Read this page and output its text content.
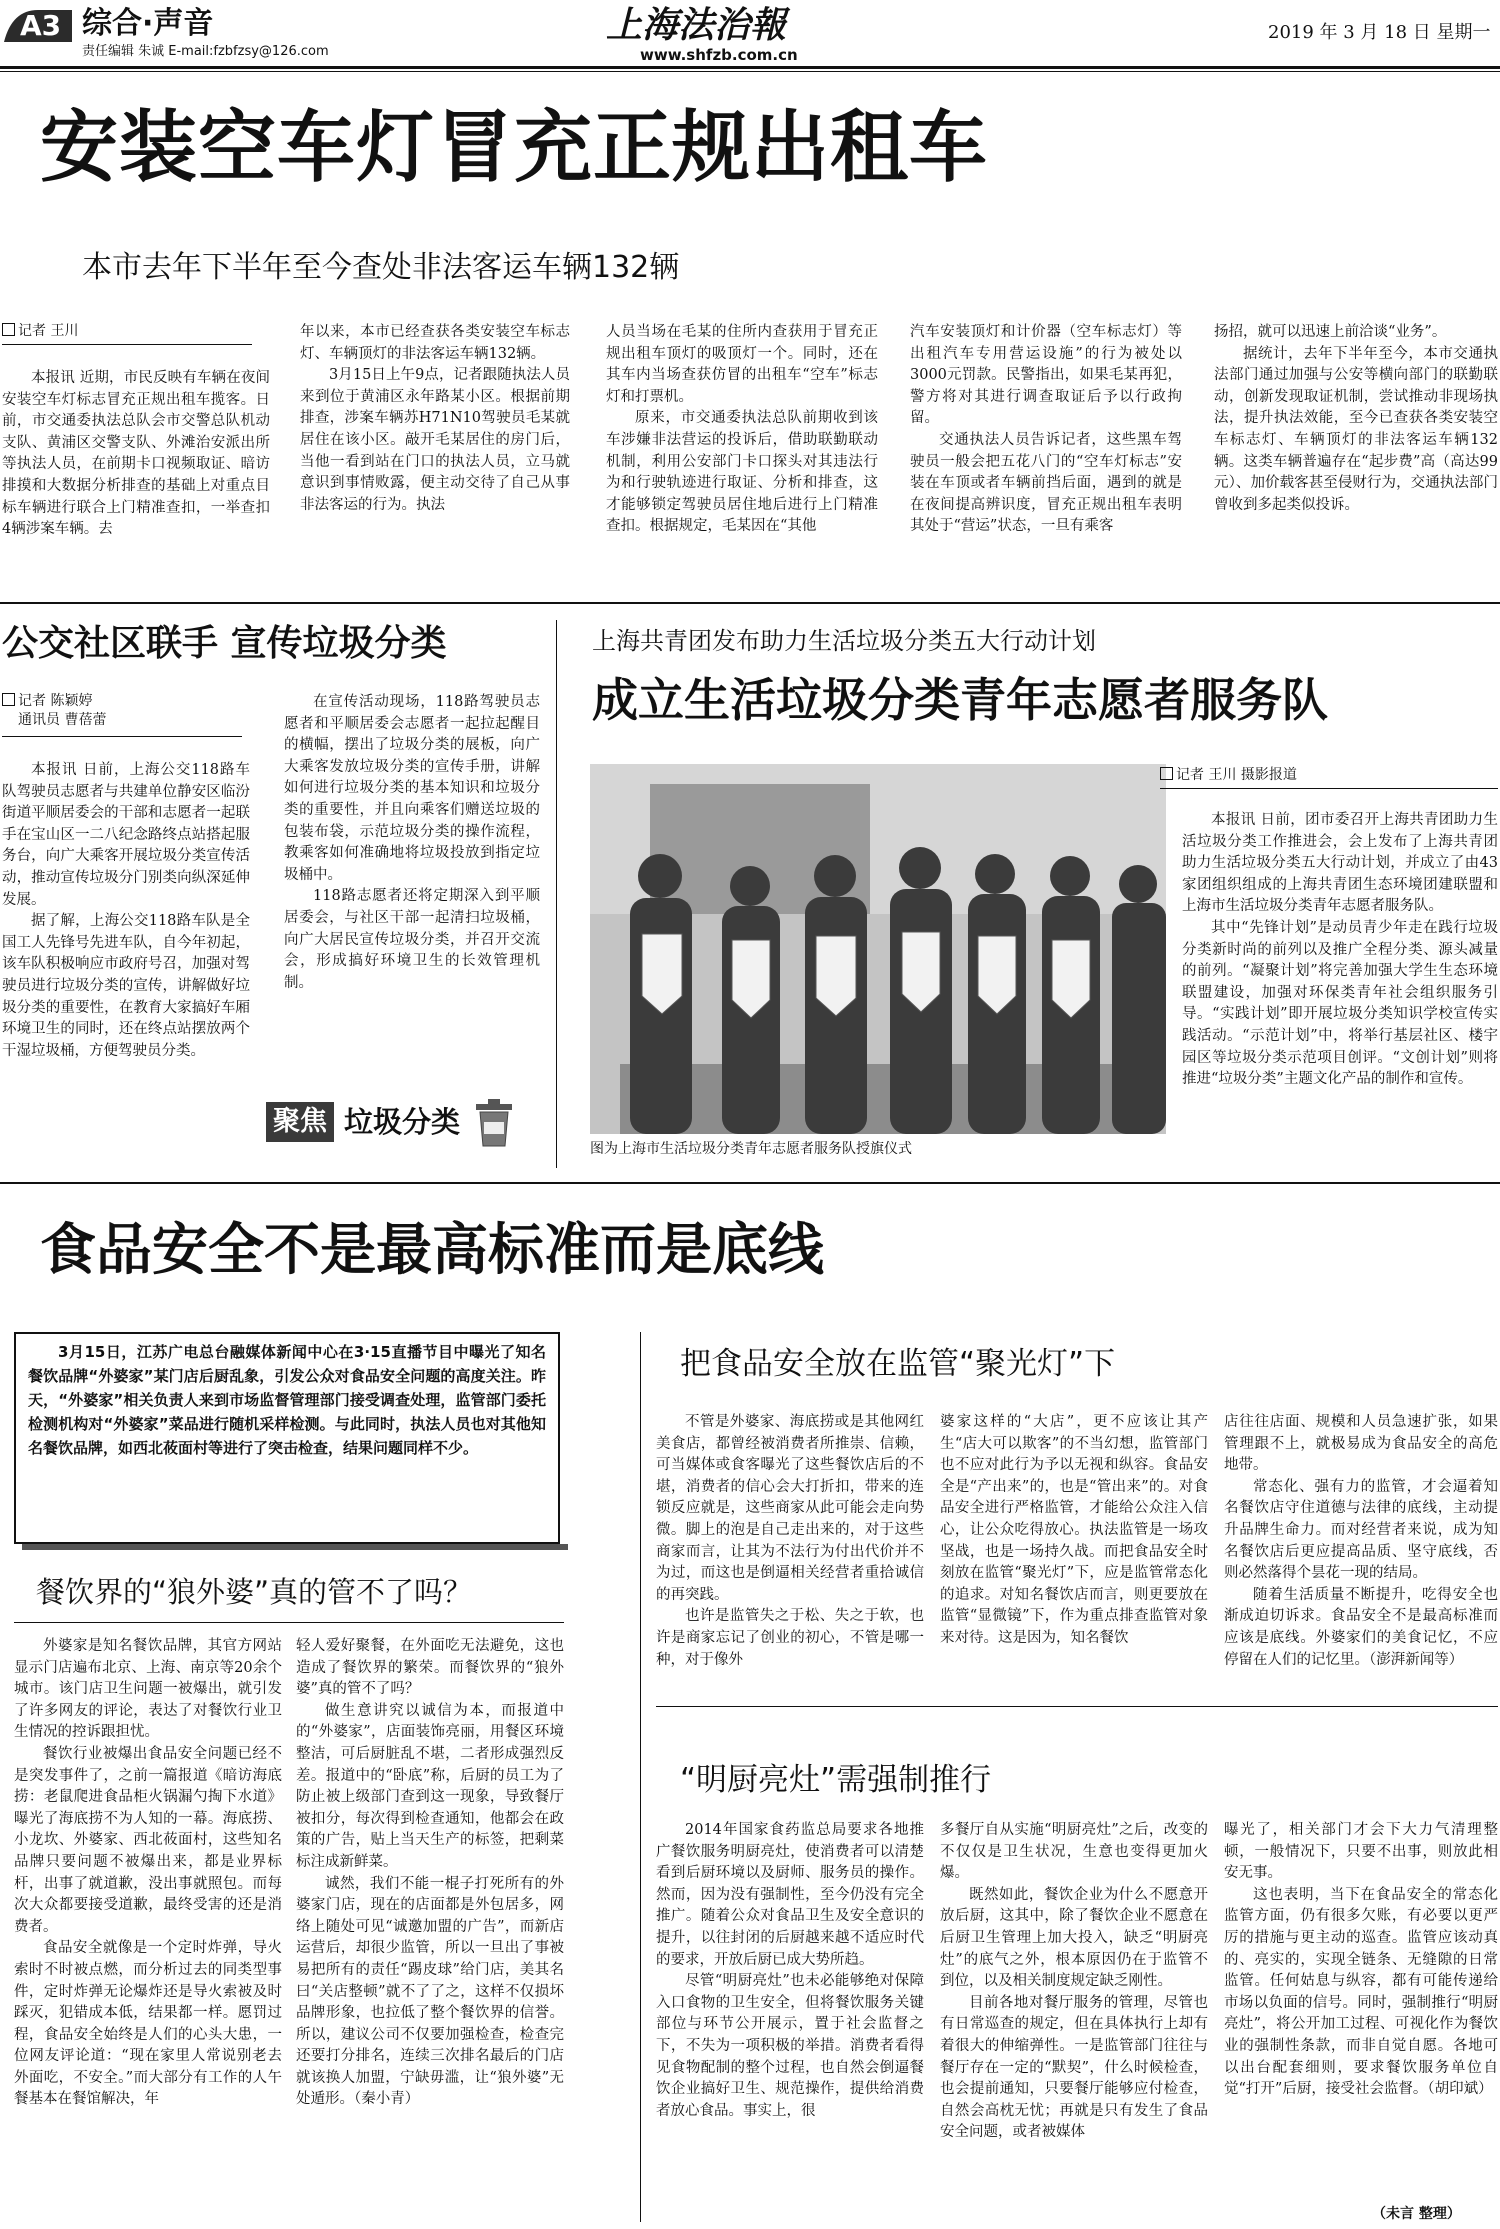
A3 综合·声音
责任编辑 朱诚 E-mail:fzbfzsy@126.com
上海法治報
www.shfzb.com.cn
2019 年 3 月 18 日 星期一
安装空车灯冒充正规出租车
本市去年下半年至今查处非法客运车辆132辆
记者 王川

本报讯 近期，市民反映有车辆在夜间安装空车灯标志冒充正规出租车揽客。日前，市交通委执法总队会市交警总队机动支队、黄浦区交警支队、外滩治安派出所等执法人员，在前期卡口视频取证、暗访排摸和大数据分析排查的基础上对重点目标车辆进行联合上门精准查扣，一举查扣4辆涉案车辆。去

年以来，本市已经查获各类安装空车标志灯、车辆顶灯的非法客运车辆132辆。

3月15日上午9点，记者跟随执法人员来到位于黄浦区永年路某小区。根据前期排查，涉案车辆苏H71N10驾驶员毛某就居住在该小区。敲开毛某居住的房门后，当他一看到站在门口的执法人员，立马就意识到事情败露，便主动交待了自己从事非法客运的行为。执法

人员当场在毛某的住所内查获用于冒充正规出租车顶灯的吸顶灯一个。同时，还在其车内当场查获仿冒的出租车“空车”标志灯和打票机。

原来，市交通委执法总队前期收到该车涉嫌非法营运的投诉后，借助联勤联动机制，利用公安部门卡口探头对其违法行为和行驶轨迹进行取证、分析和排查，这才能够锁定驾驶员居住地后进行上门精准查扣。根据规定，毛某因在“其他

汽车安装顶灯和计价器（空车标志灯）等出租汽车专用营运设施”的行为被处以3000元罚款。民警指出，如果毛某再犯，警方将对其进行调查取证后予以行政拘留。

交通执法人员告诉记者，这些黑车驾驶员一般会把五花八门的“空车灯标志”安装在车顶或者车辆前挡后面，遇到的就是在夜间提高辨识度，冒充正规出租车表明其处于“营运”状态，一旦有乘客

扬招，就可以迅速上前洽谈“业务”。

据统计，去年下半年至今，本市交通执法部门通过加强与公安等横向部门的联勤联动，创新发现取证机制，尝试推动非现场执法，提升执法效能，至今已查获各类安装空车标志灯、车辆顶灯的非法客运车辆132辆。这类车辆普遍存在“起步费”高（高达99元）、加价载客甚至侵财行为，交通执法部门曾收到多起类似投诉。

公交社区联手 宣传垃圾分类
记者 陈颖婷
通讯员 曹蓓蕾

本报讯 日前，上海公交118路车队驾驶员志愿者与共建单位静安区临汾街道平顺居委会的干部和志愿者一起联手在宝山区一二八纪念路终点站搭起服务台，向广大乘客开展垃圾分类宣传活动，推动宣传垃圾分门别类向纵深延伸发展。

据了解，上海公交118路车队是全国工人先锋号先进车队，自今年初起，该车队积极响应市政府号召，加强对驾驶员进行垃圾分类的宣传，讲解做好垃圾分类的重要性，在教育大家搞好车厢环境卫生的同时，还在终点站摆放两个干湿垃圾桶，方便驾驶员分类。

在宣传活动现场，118路驾驶员志愿者和平顺居委会志愿者一起拉起醒目的横幅，摆出了垃圾分类的展板，向广大乘客发放垃圾分类的宣传手册，讲解如何进行垃圾分类的基本知识和垃圾分类的重要性，并且向乘客们赠送垃圾的包装布袋，示范垃圾分类的操作流程，教乘客如何准确地将垃圾投放到指定垃圾桶中。

118路志愿者还将定期深入到平顺居委会，与社区干部一起清扫垃圾桶，向广大居民宣传垃圾分类，并召开交流会，形成搞好环境卫生的长效管理机制。

聚焦 垃圾分类
上海共青团发布助力生活垃圾分类五大行动计划
成立生活垃圾分类青年志愿者服务队
图为上海市生活垃圾分类青年志愿者服务队授旗仪式
记者 王川 摄影报道

本报讯 日前，团市委召开上海共青团助力生活垃圾分类工作推进会，会上发布了上海共青团助力生活垃圾分类五大行动计划，并成立了由43家团组织组成的上海共青团生态环境团建联盟和上海市生活垃圾分类青年志愿者服务队。

其中“先锋计划”是动员青少年走在践行垃圾分类新时尚的前列以及推广全程分类、源头减量的前列。“凝聚计划”将完善加强大学生生态环境联盟建设，加强对环保类青年社会组织服务引导。“实践计划”即开展垃圾分类知识学校宣传实践活动。“示范计划”中，将举行基层社区、楼宇园区等垃圾分类示范项目创评。“文创计划”则将推进“垃圾分类”主题文化产品的制作和宣传。

食品安全不是最高标准而是底线
3月15日，江苏广电总台融媒体新闻中心在3·15直播节目中曝光了知名餐饮品牌“外婆家”某门店后厨乱象，引发公众对食品安全问题的高度关注。昨天，“外婆家”相关负责人来到市场监督管理部门接受调查处理，监管部门委托检测机构对“外婆家”菜品进行随机采样检测。与此同时，执法人员也对其他知名餐饮品牌，如西北莜面村等进行了突击检查，结果问题同样不少。
餐饮界的“狼外婆”真的管不了吗？

外婆家是知名餐饮品牌，其官方网站显示门店遍布北京、上海、南京等20余个城市。该门店卫生问题一被爆出，就引发了许多网友的评论，表达了对餐饮行业卫生情况的控诉跟担忧。

餐饮行业被爆出食品安全问题已经不是突发事件了，之前一篇报道《暗访海底捞：老鼠爬进食品柜火锅漏勺掏下水道》曝光了海底捞不为人知的一幕。海底捞、小龙坎、外婆家、西北莜面村，这些知名品牌只要问题不被爆出来，都是业界标杆，出事了就道歉，没出事就照包。而每次大众都要接受道歉，最终受害的还是消费者。

食品安全就像是一个定时炸弹，导火索时不时被点燃，而分析过去的同类型事件，定时炸弹无论爆炸还是导火索被及时踩灭，犯错成本低，结果都一样。愿罚过程，食品安全始终是人们的心头大患，一位网友评论道：“现在家里人常说别老去外面吃，不安全。”而大部分有工作的人午餐基本在餐馆解决，年

轻人爱好聚餐，在外面吃无法避免，这也造成了餐饮界的繁荣。而餐饮界的“狼外婆”真的管不了吗？

做生意讲究以诚信为本，而报道中的“外婆家”，店面装饰亮丽，用餐区环境整洁，可后厨脏乱不堪，二者形成强烈反差。报道中的“卧底”称，后厨的员工为了防止被上级部门查到这一现象，导致餐厅被扣分，每次得到检查通知，他都会在政策的广告，贴上当天生产的标签，把剩菜标注成新鲜菜。

诚然，我们不能一棍子打死所有的外婆家门店，现在的店面都是外包居多，网络上随处可见“诚邀加盟的广告”，而新店运营后，却很少监管，所以一旦出了事被易把所有的责任“踢皮球”给门店，美其名曰“关店整顿”就不了了之，这样不仅损坏品牌形象，也拉低了整个餐饮界的信誉。所以，建议公司不仅要加强检查，检查完还要打分排名，连续三次排名最后的门店就该换人加盟，宁缺毋滥，让“狼外婆”无处遁形。（秦小青）

把食品安全放在监管“聚光灯”下

不管是外婆家、海底捞或是其他网红美食店，都曾经被消费者所推崇、信赖，可当媒体或食客曝光了这些餐饮店后的不堪，消费者的信心会大打折扣，带来的连锁反应就是，这些商家从此可能会走向势微。脚上的泡是自己走出来的，对于这些商家而言，让其为不法行为付出代价并不为过，而这也是倒逼相关经营者重拾诚信的再突践。

也许是监管失之于松、失之于软，也许是商家忘记了创业的初心，不管是哪一种，对于像外

婆家这样的“大店”，更不应该让其产生“店大可以欺客”的不当幻想，监管部门也不应对此行为予以无视和纵容。食品安全是“产出来”的，也是“管出来”的。对食品安全进行严格监管，才能给公众注入信心，让公众吃得放心。执法监管是一场攻坚战，也是一场持久战。而把食品安全时刻放在监管“聚光灯”下，应是监管常态化的追求。对知名餐饮店而言，则更要放在监管“显微镜”下，作为重点排查监管对象来对待。这是因为，知名餐饮

店往往店面、规模和人员急速扩张，如果管理跟不上，就极易成为食品安全的高危地带。

常态化、强有力的监管，才会逼着知名餐饮店守住道德与法律的底线，主动提升品牌生命力。而对经营者来说，成为知名餐饮店后更应提高品质、坚守底线，否则必然落得个昙花一现的结局。

随着生活质量不断提升，吃得安全也渐成迫切诉求。食品安全不是最高标准而应该是底线。外婆家们的美食记忆，不应停留在人们的记忆里。（澎湃新闻等）

“明厨亮灶”需强制推行

2014年国家食药监总局要求各地推广餐饮服务明厨亮灶，使消费者可以清楚看到后厨环境以及厨师、服务员的操作。然而，因为没有强制性，至今仍没有完全推广。随着公众对食品卫生及安全意识的提升，以往封闭的后厨越来越不适应时代的要求，开放后厨已成大势所趋。

尽管“明厨亮灶”也未必能够绝对保障入口食物的卫生安全，但将餐饮服务关键部位与环节公开展示，置于社会监督之下，不失为一项积极的举措。消费者看得见食物配制的整个过程，也自然会倒逼餐饮企业搞好卫生、规范操作，提供给消费者放心食品。事实上，很

多餐厅自从实施“明厨亮灶”之后，改变的不仅仅是卫生状况，生意也变得更加火爆。

既然如此，餐饮企业为什么不愿意开放后厨，这其中，除了餐饮企业不愿意在后厨卫生管理上加大投入，缺乏“明厨亮灶”的底气之外，根本原因仍在于监管不到位，以及相关制度规定缺乏刚性。

目前各地对餐厅服务的管理，尽管也有日常巡查的规定，但在具体执行上却有着很大的伸缩弹性。一是监管部门往往与餐厅存在一定的“默契”，什么时候检查，也会提前通知，只要餐厅能够应付检查，自然会高枕无忧；再就是只有发生了食品安全问题，或者被媒体

曝光了，相关部门才会下大力气清理整顿，一般情况下，只要不出事，则放此相安无事。

这也表明，当下在食品安全的常态化监管方面，仍有很多欠账，有必要以更严厉的措施与更主动的巡查。监管应该动真的、亮实的，实现全链条、无缝隙的日常监管。任何姑息与纵容，都有可能传递给市场以负面的信号。同时，强制推行“明厨亮灶”，将公开加工过程、可视化作为餐饮业的强制性条款，而非自觉自愿。各地可以出台配套细则，要求餐饮服务单位自觉“打开”后厨，接受社会监督。（胡印斌）

（未言 整理）
